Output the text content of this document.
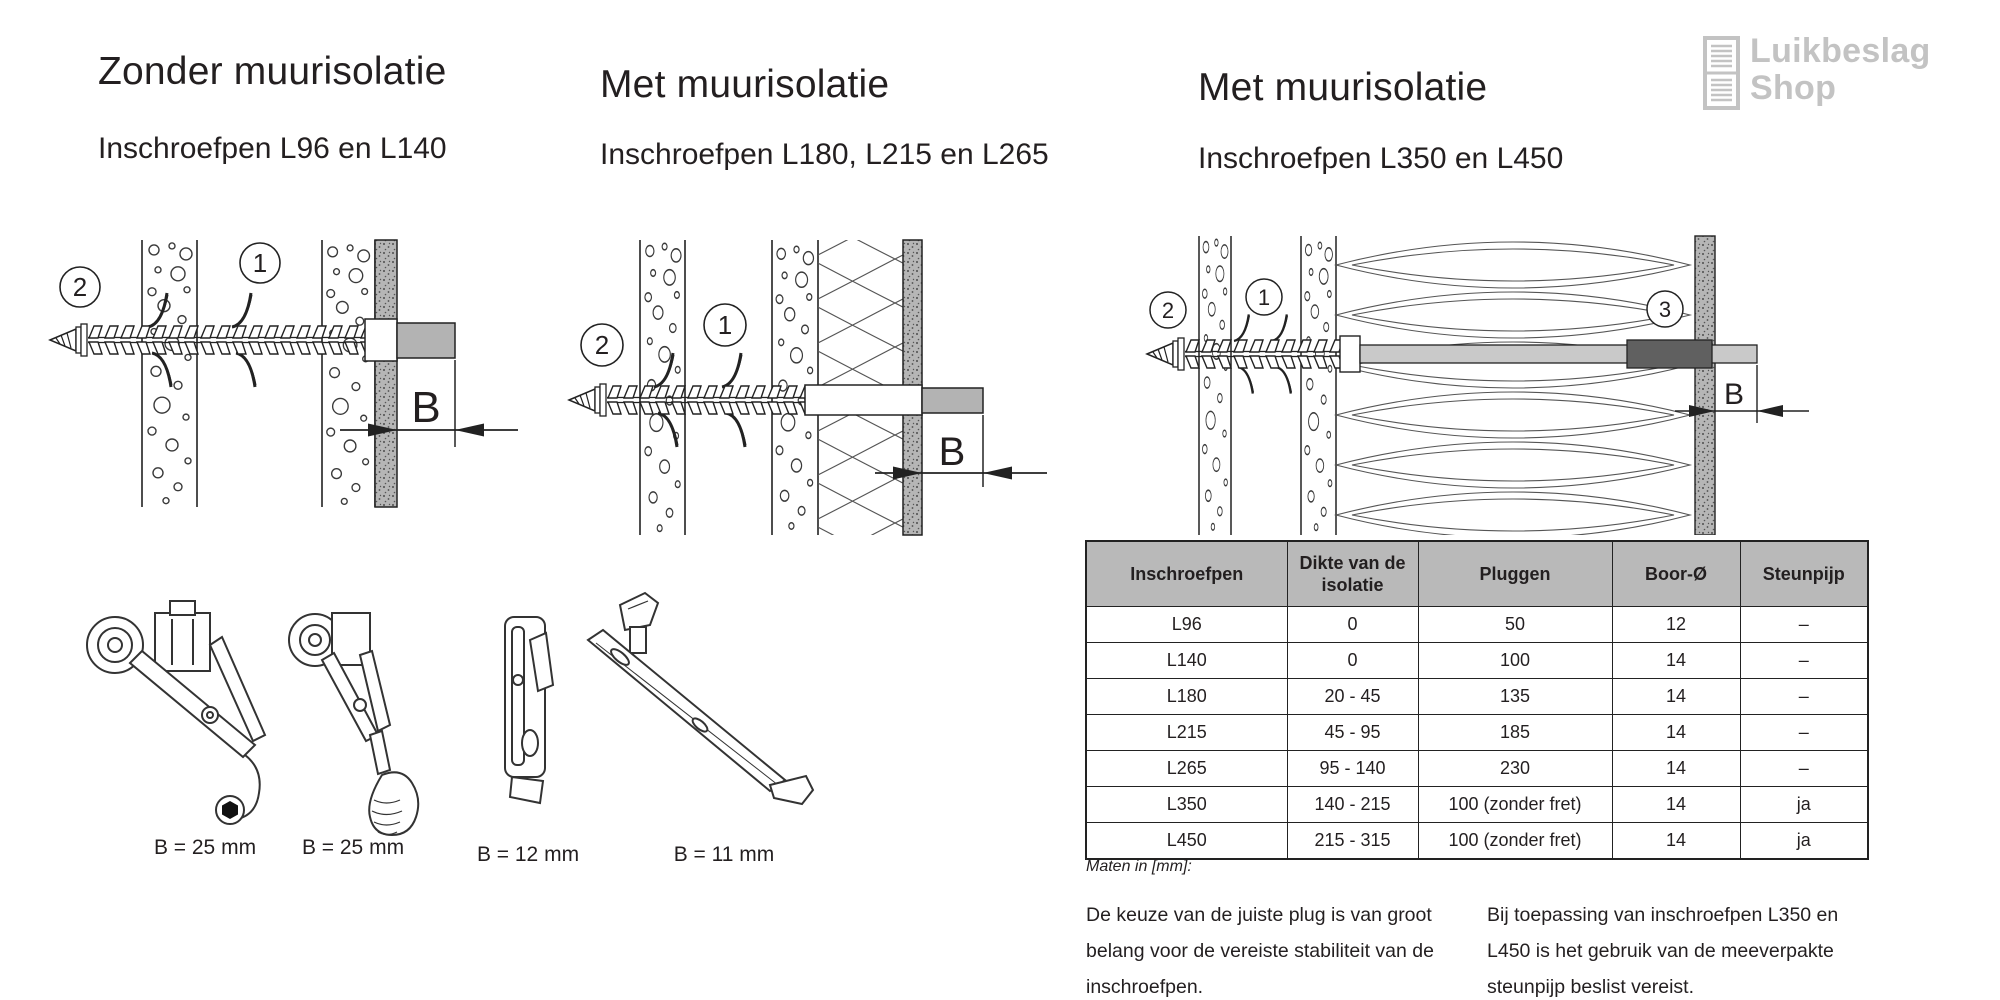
Zonder muurisolatie
Inschroefpen L96 en L140
Met muurisolatie
Inschroefpen L180, L215 en L265
Met muurisolatie
Inschroefpen L350 en L450
Luikbeslag
Shop
B
2
1
B
2
1
B
2
1	3
B = 25 mm	B = 25 mm	B = 12 mm	B = 11 mm
Inschroefpen	Dikte van de isolatie	Pluggen	Boor-Ø	Steunpijp
L96	0	50	12	–
L140	0	100	14	–
L180	20 - 45	135	14	–
L215	45 - 95	185	14	–
L265	95 - 140	230	14	–
L350	140 - 215	100 (zonder fret)	14	ja
L450	215 - 315	100 (zonder fret)	14	ja
Maten in [mm]:
De keuze van de juiste plug is van groot belang voor de vereiste stabiliteit van de inschroefpen.
Bij toepassing van inschroefpen L350 en L450 is het gebruik van de meeverpakte steunpijp beslist vereist.
